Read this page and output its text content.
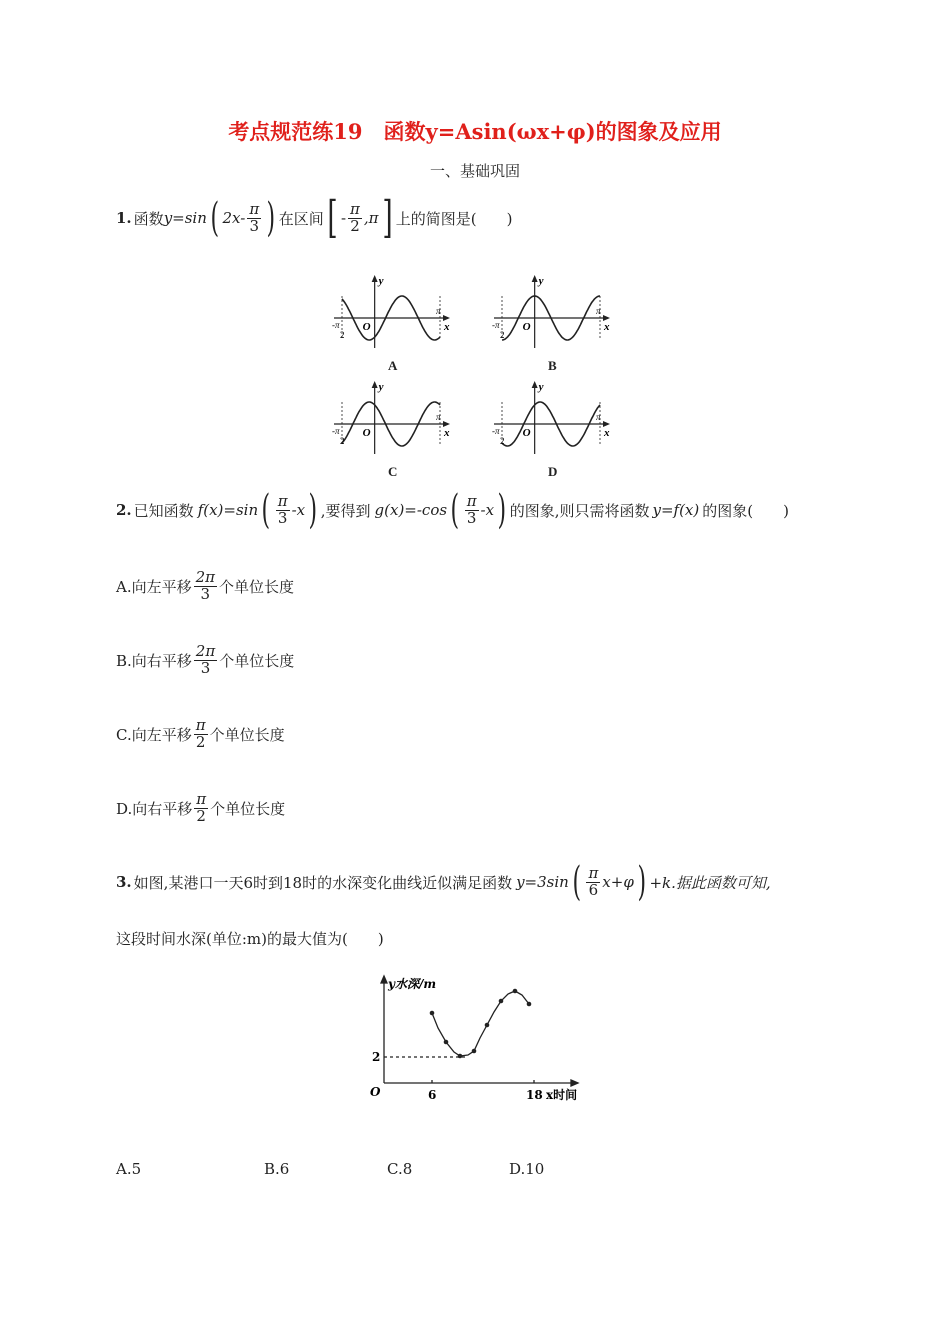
考点规范练19　函数y=Asin(ωx+φ)的图象及应用
一、基础巩固
1. 函数 y=sin ( $2x- \frac{\pi}{3}$ ) 在区间 [ - $\frac{\pi}{2} ,\pi$ ] 上的简图是(　　)
y
x
O
-π
2
π
A
y
x
O
-π
2
π
B
y
x
O
-π
2
π
C
y
x
O
-π
2
π
D
2. 已知函数 f(x)=sin ( $\frac{\pi}{3} -x$ ) ,要得到 g(x)=-cos ( $\frac{\pi}{3} -x$ ) 的图象,则只需将函数 y=f(x) 的图象(　　)
A.向左平移 $\frac{2\pi}{3}$ 个单位长度
B.向右平移 $\frac{2\pi}{3}$ 个单位长度
C.向左平移 $\frac{\pi}{2}$ 个单位长度
D.向右平移 $\frac{\pi}{2}$ 个单位长度
3. 如图,某港口一天6时到18时的水深变化曲线近似满足函数 y=3sin ( $\frac{\pi}{6} x+\varphi$ ) +k.据此函数可知,
这段时间水深(单位:m)的最大值为(　　)
y水深/m
O
2
6	18 x时间
A.5	B.6	C.8	D.10
